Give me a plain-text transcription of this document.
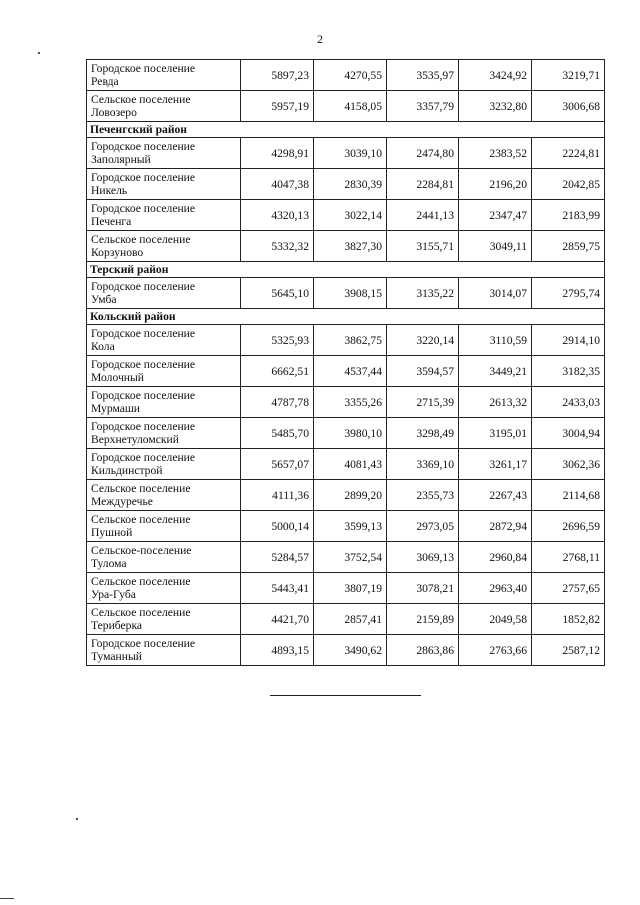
2
Городское поселение
Ревда	5897,23	4270,55	3535,97	3424,92	3219,71

Сельское поселение
Ловозеро	5957,19	4158,05	3357,79	3232,80	3006,68
Печенгский район					

Городское поселение
Заполярный	4298,91	3039,10	2474,80	2383,52	2224,81

Городское поселение
Никель	4047,38	2830,39	2284,81	2196,20	2042,85

Городское поселение
Печенга	4320,13	3022,14	2441,13	2347,47	2183,99

Сельское поселение
Корзуново	5332,32	3827,30	3155,71	3049,11	2859,75
Терский район					

Городское поселение
Умба	5645,10	3908,15	3135,22	3014,07	2795,74
Кольский район					

Городское поселение
Кола	5325,93	3862,75	3220,14	3110,59	2914,10

Городское поселение
Молочный	6662,51	4537,44	3594,57	3449,21	3182,35

Городское поселение
Мурмаши	4787,78	3355,26	2715,39	2613,32	2433,03

Городское поселение
Верхнетуломский	5485,70	3980,10	3298,49	3195,01	3004,94

Городское поселение
Кильдинстрой	5657,07	4081,43	3369,10	3261,17	3062,36

Сельское поселение
Междуречье	4111,36	2899,20	2355,73	2267,43	2114,68

Сельское поселение
Пушной	5000,14	3599,13	2973,05	2872,94	2696,59

Сельское-поселение
Тулома	5284,57	3752,54	3069,13	2960,84	2768,11

Сельское поселение
Ура-Губа	5443,41	3807,19	3078,21	2963,40	2757,65

Сельское поселение
Териберка	4421,70	2857,41	2159,89	2049,58	1852,82

Городское поселение
Туманный	4893,15	3490,62	2863,86	2763,66	2587,12
